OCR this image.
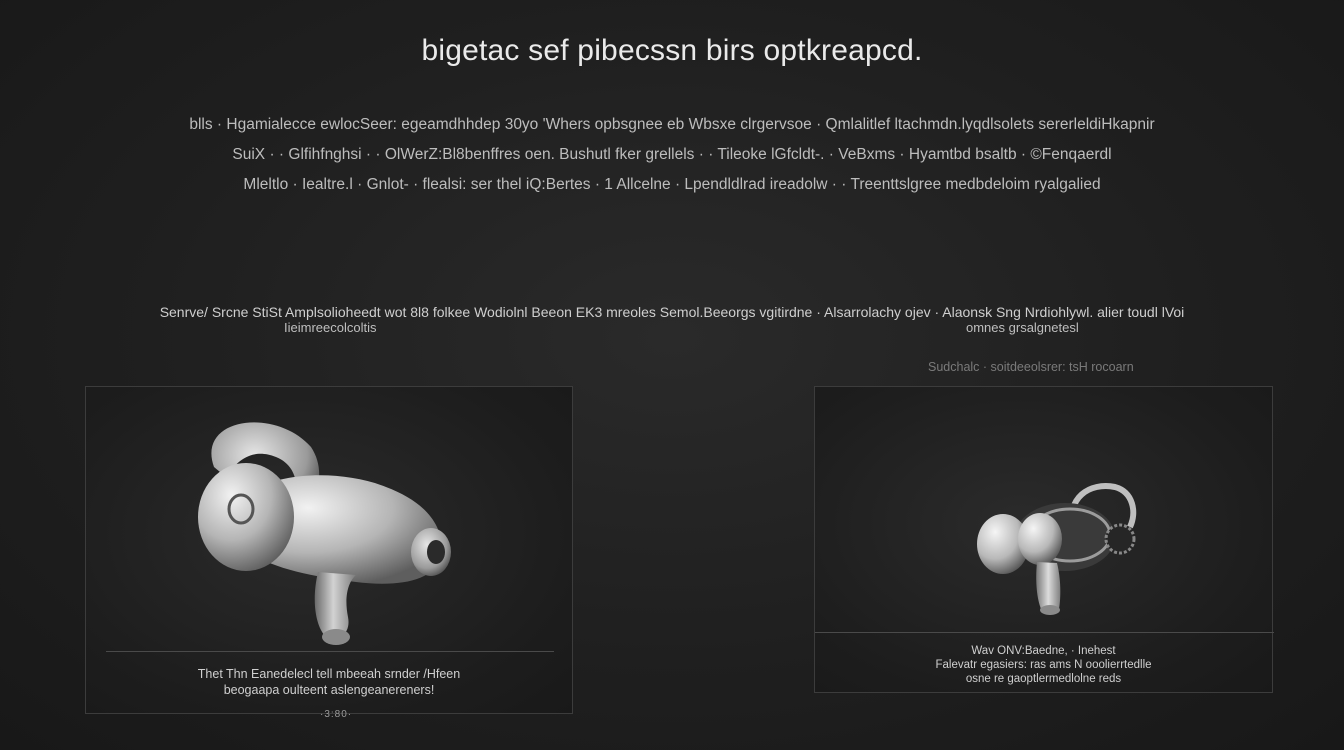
bigetac sef pibecssn birs optkreapcd.
blls · Hgamialecce ewlocSeer: egeamdhhdep 30yo 'Whers opbsgnee eb Wbsxe clrgervsoe · Qmlalitlef ltachmdn.lyqdlsolets sererleldiHkapnir
SuiX · · Glfihfnghsi · · OlWerZ:Bl8benffres oen. Bushutl fker grellels · · Tileoke lGfcldt-. · VeBxms · Hyamtbd bsaltb · ©Fenqaerdl
Mleltlo · Iealtre.l · Gnlot- · flealsi: ser thel iQ:Bertes · 1 Allcelne · Lpendldlrad ireadolw · · Treenttslgree medbdeloim ryalgalied
Senrve/ Srcne StiSt Amplsolioheedt wot 8l8 folkee Wodiolnl Beeon EK3 mreoles Semol.Beeorgs vgitirdne · Alsarrolachy ojev · Alaonsk Sng Nrdiohlywl. alier toudl lVoi
Iieimreecolcoltis	omnes grsalgnetesl
Sudchalc · soitdeeolsrer: tsH rocoarn
Thet Thn Eanedelecl tell mbeeah srnder /Hfeen
beogaapa oulteent aslengeanereners!
·3:80·
Wav ONV:Baedne, · Inehest
Falevatr egasiers: ras ams N ooolierrtedlle
osne re gaoptlermedlolne reds
